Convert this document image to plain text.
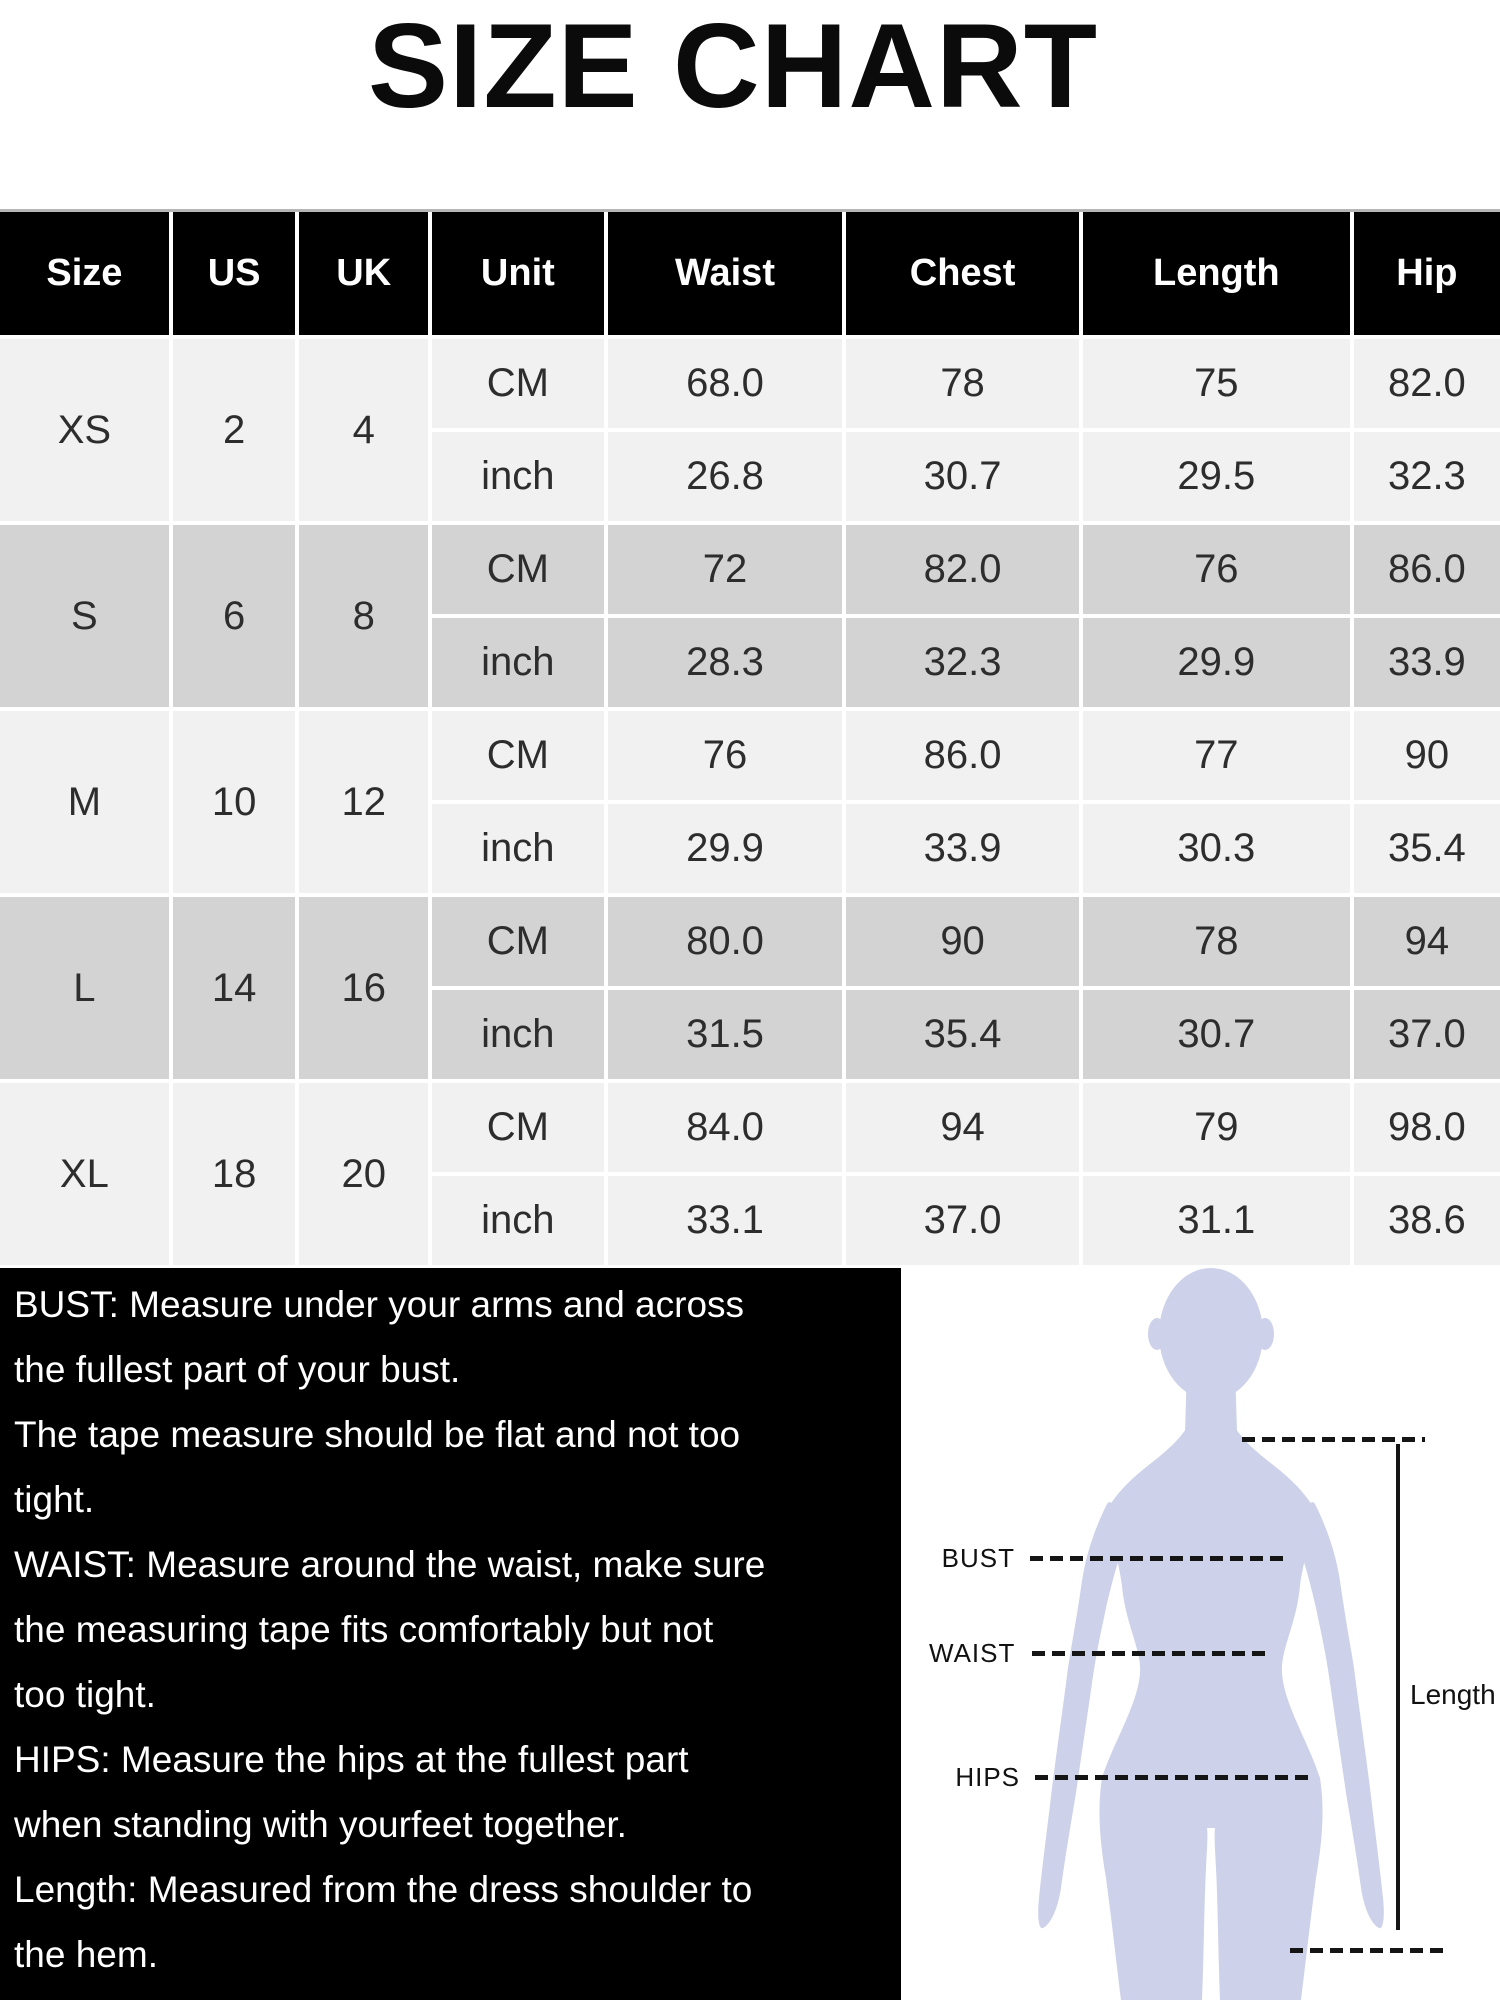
SIZE CHART
Size	US	UK	Unit	Waist	Chest	Length	Hip
XS	2	4
CM	68.0	78	75	82.0
inch	26.8	30.7	29.5	32.3
S	6	8
CM	72	82.0	76	86.0
inch	28.3	32.3	29.9	33.9
M	10	12
CM	76	86.0	77	90
inch	29.9	33.9	30.3	35.4
L	14	16
CM	80.0	90	78	94
inch	31.5	35.4	30.7	37.0
XL	18	20
CM	84.0	94	79	98.0
inch	33.1	37.0	31.1	38.6
BUST: Measure under your arms and across
the fullest part of your bust.
The tape measure should be flat and not too
tight.
WAIST: Measure around the waist, make sure
the measuring tape fits comfortably but not
too tight.
HIPS: Measure the hips at the fullest part
when standing with yourfeet together.
Length: Measured from the dress shoulder to
the hem.
BUST
WAIST
HIPS
Length
